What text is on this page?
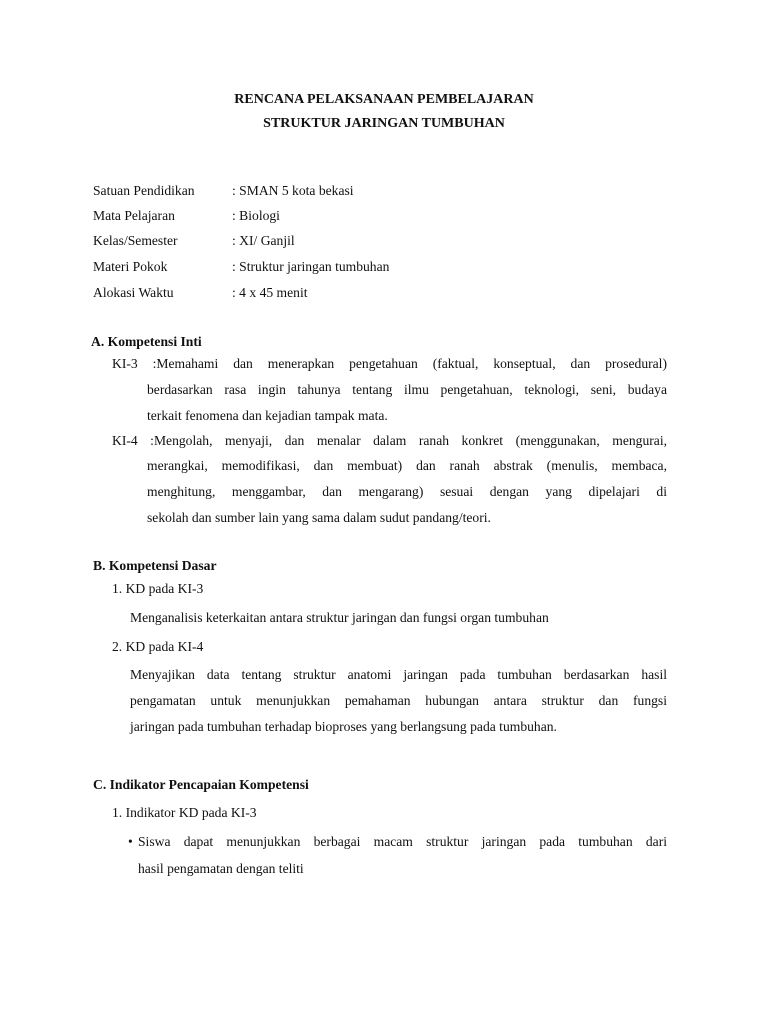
RENCANA PELAKSANAAN PEMBELAJARAN
STRUKTUR JARINGAN TUMBUHAN
Satuan Pendidikan	: SMAN 5 kota bekasi
Mata Pelajaran	: Biologi
Kelas/Semester	: XI/ Ganjil
Materi Pokok	: Struktur jaringan tumbuhan
Alokasi Waktu	: 4 x 45 menit
A. Kompetensi Inti
KI-3 :Memahami dan menerapkan pengetahuan (faktual, konseptual, dan prosedural)
berdasarkan rasa ingin tahunya tentang ilmu pengetahuan, teknologi, seni, budaya
terkait fenomena dan kejadian tampak mata.
KI-4 :Mengolah, menyaji, dan menalar dalam ranah konkret (menggunakan, mengurai,
merangkai, memodifikasi, dan membuat) dan ranah abstrak (menulis, membaca,
menghitung, menggambar, dan mengarang) sesuai dengan yang dipelajari di
sekolah dan sumber lain yang sama dalam sudut pandang/teori.
B. Kompetensi Dasar
1. KD pada KI-3
Menganalisis keterkaitan antara struktur jaringan dan fungsi organ tumbuhan
2. KD pada KI-4
Menyajikan data tentang struktur anatomi jaringan pada tumbuhan berdasarkan hasil
pengamatan untuk menunjukkan pemahaman hubungan antara struktur dan fungsi
jaringan pada tumbuhan terhadap bioproses yang berlangsung pada tumbuhan.
C. Indikator Pencapaian Kompetensi
1. Indikator KD pada KI-3
• Siswa dapat menunjukkan berbagai macam struktur jaringan pada tumbuhan dari
hasil pengamatan dengan teliti
